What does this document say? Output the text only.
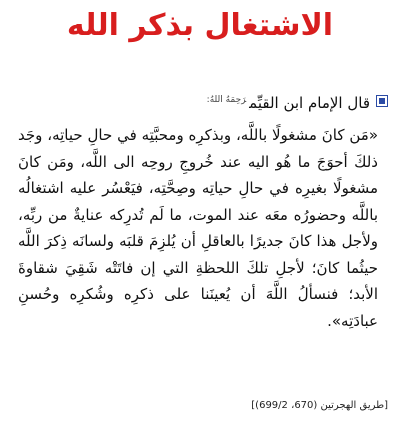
الاشتغال بذكر الله
قال الإمام ابن القيِّم$^{رَحِمَهُ اللهُ:}$
«مَن كانَ مشغولًا باللَّه، وبذكرِه ومحبَّتِه في حالِ حياتِه، وجَد ذلكَ أحوَجَ ما هُو اليه عند خُروجِ روحِه الى اللَّه، ومَن كانَ مشغولًا بغيرِه في حالِ حياتِه وصِحَّتِه، فيَعْسُر عليه اشتغالُه باللَّه وحضورُه معَه عند الموت، ما لَم تُدرِكه عنايةٌ من ربِّه، ولأجل هذا كانَ جديرًا بالعاقلِ أن يُلزِمَ قلبَه ولسانَه ذِكرَ اللَّه حيثُما كانَ؛ لأجلِ تلكَ اللحظةِ التي إن فاتَتْه شَقِيَ شقاوةَ الأبد؛ فنسألُ اللَّهَ أن يُعينَنا على ذكرِه وشُكرِه وحُسنِ عبادَتِه».
[طريق الهجرتين (670، 699/2)]
